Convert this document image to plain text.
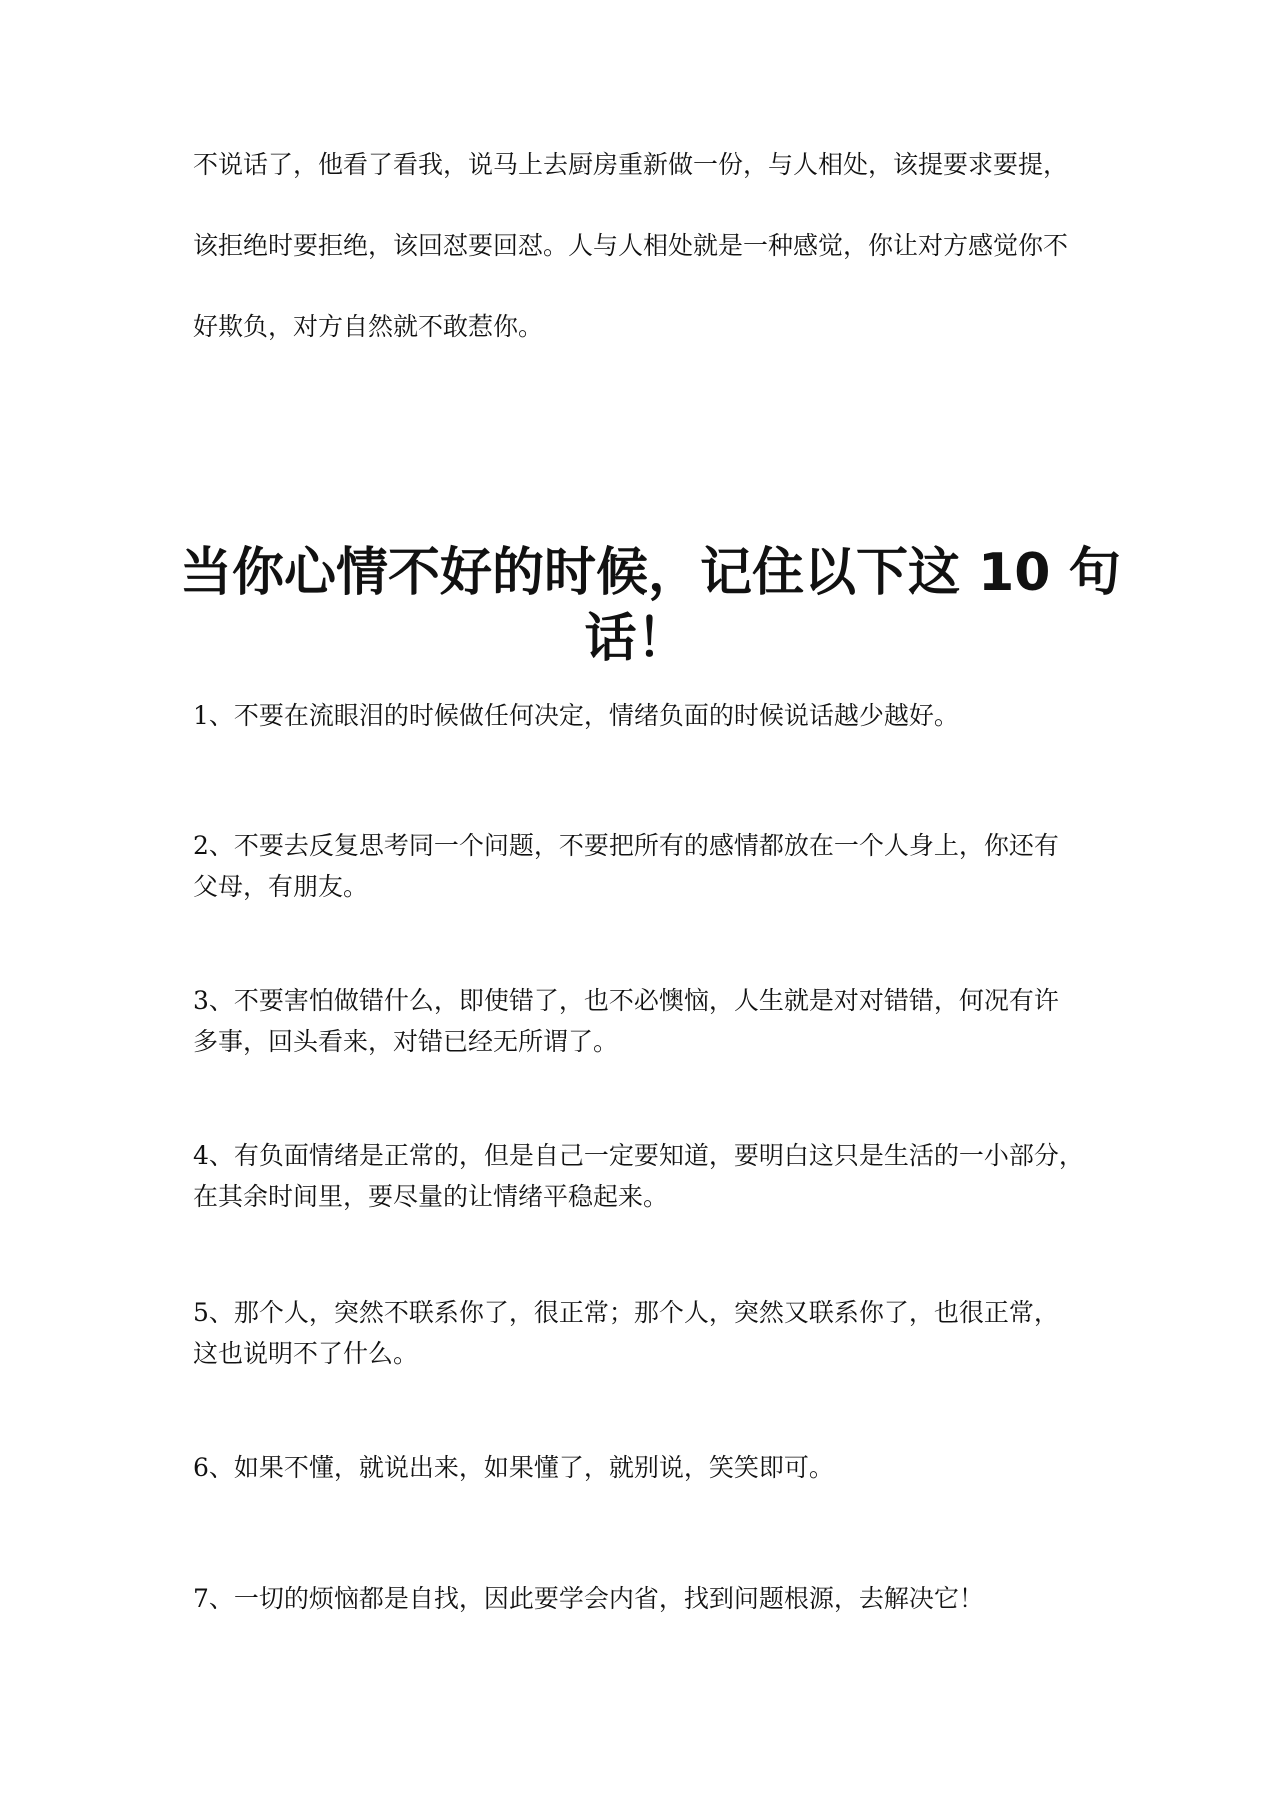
不说话了，他看了看我，说马上去厨房重新做一份，与人相处，该提要求要提，
该拒绝时要拒绝，该回怼要回怼。人与人相处就是一种感觉，你让对方感觉你不
好欺负，对方自然就不敢惹你。
当你心情不好的时候，记住以下这 10 句
话！
1、不要在流眼泪的时候做任何决定，情绪负面的时候说话越少越好。
2、不要去反复思考同一个问题，不要把所有的感情都放在一个人身上，你还有
父母，有朋友。
3、不要害怕做错什么，即使错了，也不必懊恼，人生就是对对错错，何况有许
多事，回头看来，对错已经无所谓了。
4、有负面情绪是正常的，但是自己一定要知道，要明白这只是生活的一小部分，
在其余时间里，要尽量的让情绪平稳起来。
5、那个人，突然不联系你了，很正常；那个人，突然又联系你了，也很正常，
这也说明不了什么。
6、如果不懂，就说出来，如果懂了，就别说，笑笑即可。
7、一切的烦恼都是自找，因此要学会内省，找到问题根源，去解决它！
